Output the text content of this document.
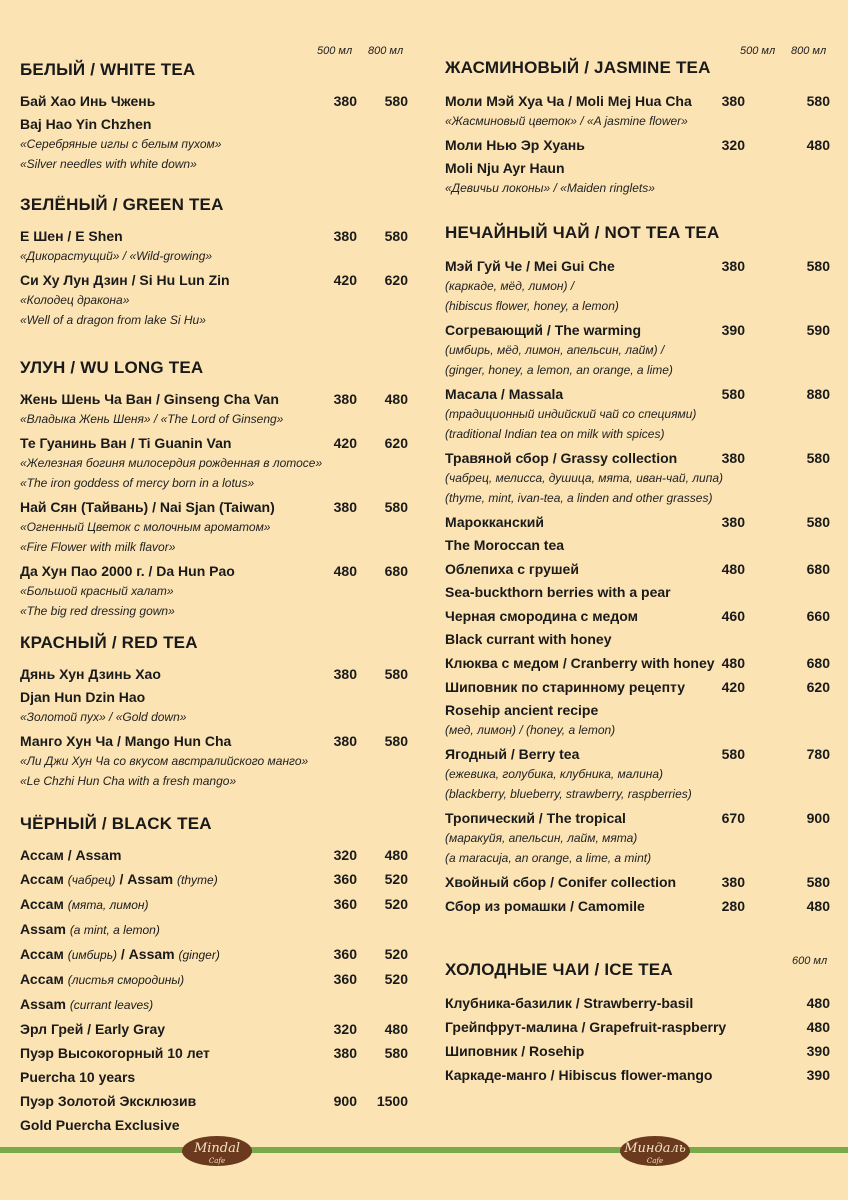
500 мл 800 мл	500 мл 800 мл
600 мл
БЕЛЫЙ / WHITE TEA
Бай Хао Инь Чжень	380	580
Baj Hao Yin Chzhen
«Серебряные иглы с белым пухом»
«Silver needles with white down»
ЗЕЛЁНЫЙ / GREEN TEA
Е Шен / E Shen	380	580
«Дикорастущий» / «Wild-growing»
Си Ху Лун Дзин / Si Hu Lun Zin	420	620
«Колодец дракона»
«Well of a dragon from lake Si Hu»
УЛУН / WU LONG TEA
Жень Шень Ча Ван / Ginseng Cha Van	380	480
«Владыка Жень Шеня» / «The Lord of Ginseng»
Те Гуанинь Ван / Ti Guanin Van	420	620
«Железная богиня милосердия рожденная в лотосе»
«The iron goddess of mercy born in a lotus»
Най Сян (Тайвань) / Nai Sjan (Taiwan)	380	580
«Огненный Цветок с молочным ароматом»
«Fire Flower with milk flavor»
Да Хун Пао 2000 г. / Da Hun Pao	480	680
«Большой красный халат»
«The big red dressing gown»
КРАСНЫЙ / RED TEA
Дянь Хун Дзинь Хао	380	580
Djan Hun Dzin Hao
«Золотой пух» / «Gold down»
Манго Хун Ча / Mango Hun Cha	380	580
«Ли Джи Хун Ча со вкусом австралийского манго»
«Le Chzhi Hun Cha with a fresh mango»
ЧЁРНЫЙ / BLACK TEA
Ассам / Assam	320	480
Ассам (чабрец) / Assam (thyme)	360	520
Ассам (мята, лимон)	360	520
Assam (a mint, a lemon)
Ассам (имбирь) / Assam (ginger)	360	520
Ассам (листья смородины)	360	520
Assam (currant leaves)
Эрл Грей / Early Gray	320	480
Пуэр Высокогорный 10 лет	380	580
Puercha 10 years
Пуэр Золотой Эксклюзив	900	1500
Gold Puercha Exclusive
ЖАСМИНОВЫЙ / JASMINE TEA
Моли Мэй Хуа Ча / Moli Mej Hua Cha	380	580
«Жасминовый цветок» / «A jasmine flower»
Моли Нью Эр Хуань	320	480
Moli Nju Ayr Haun
«Девичьи локоны» / «Maiden ringlets»
НЕЧАЙНЫЙ ЧАЙ / NOT TEA TEA
Мэй Гуй Че / Mei Gui Che	380	580
(каркаде, мёд, лимон) /
(hibiscus flower, honey, a lemon)
Согревающий / The warming	390	590
(имбирь, мёд, лимон, апельсин, лайм) /
(ginger, honey, a lemon, an orange, a lime)
Масала / Massala	580	880
(традиционный индийский чай со специями)
(traditional Indian tea on milk with spices)
Травяной сбор / Grassy collection	380	580
(чабрец, мелисса, душица, мята, иван-чай, липа)
(thyme, mint, ivan-tea, a linden and other grasses)
Марокканский	380	580
The Moroccan tea
Облепиха с грушей	480	680
Sea-buckthorn berries with a pear
Черная смородина с медом	460	660
Black currant with honey
Клюква с медом / Cranberry with honey 480	680
Шиповник по старинному рецепту	420	620
Rosehip ancient recipe
(мед, лимон) / (honey, a lemon)
Ягодный / Berry tea	580	780
(ежевика, голубика, клубника, малина)
(blackberry, blueberry, strawberry, raspberries)
Тропический / The tropical	670	900
(маракуйя, апельсин, лайм, мята)
(a maracuja, an orange, a lime, a mint)
Хвойный сбор / Conifer collection	380	580
Сбор из ромашки / Camomile	280	480
ХОЛОДНЫЕ ЧАИ / ICE TEA
Клубника-базилик / Strawberry-basil	480
Грейпфрут-малина / Grapefruit-raspberry	480
Шиповник / Rosehip	390
Каркаде-манго / Hibiscus flower-mango	390
Mindal
Cafe
Миндаль
Cafe
